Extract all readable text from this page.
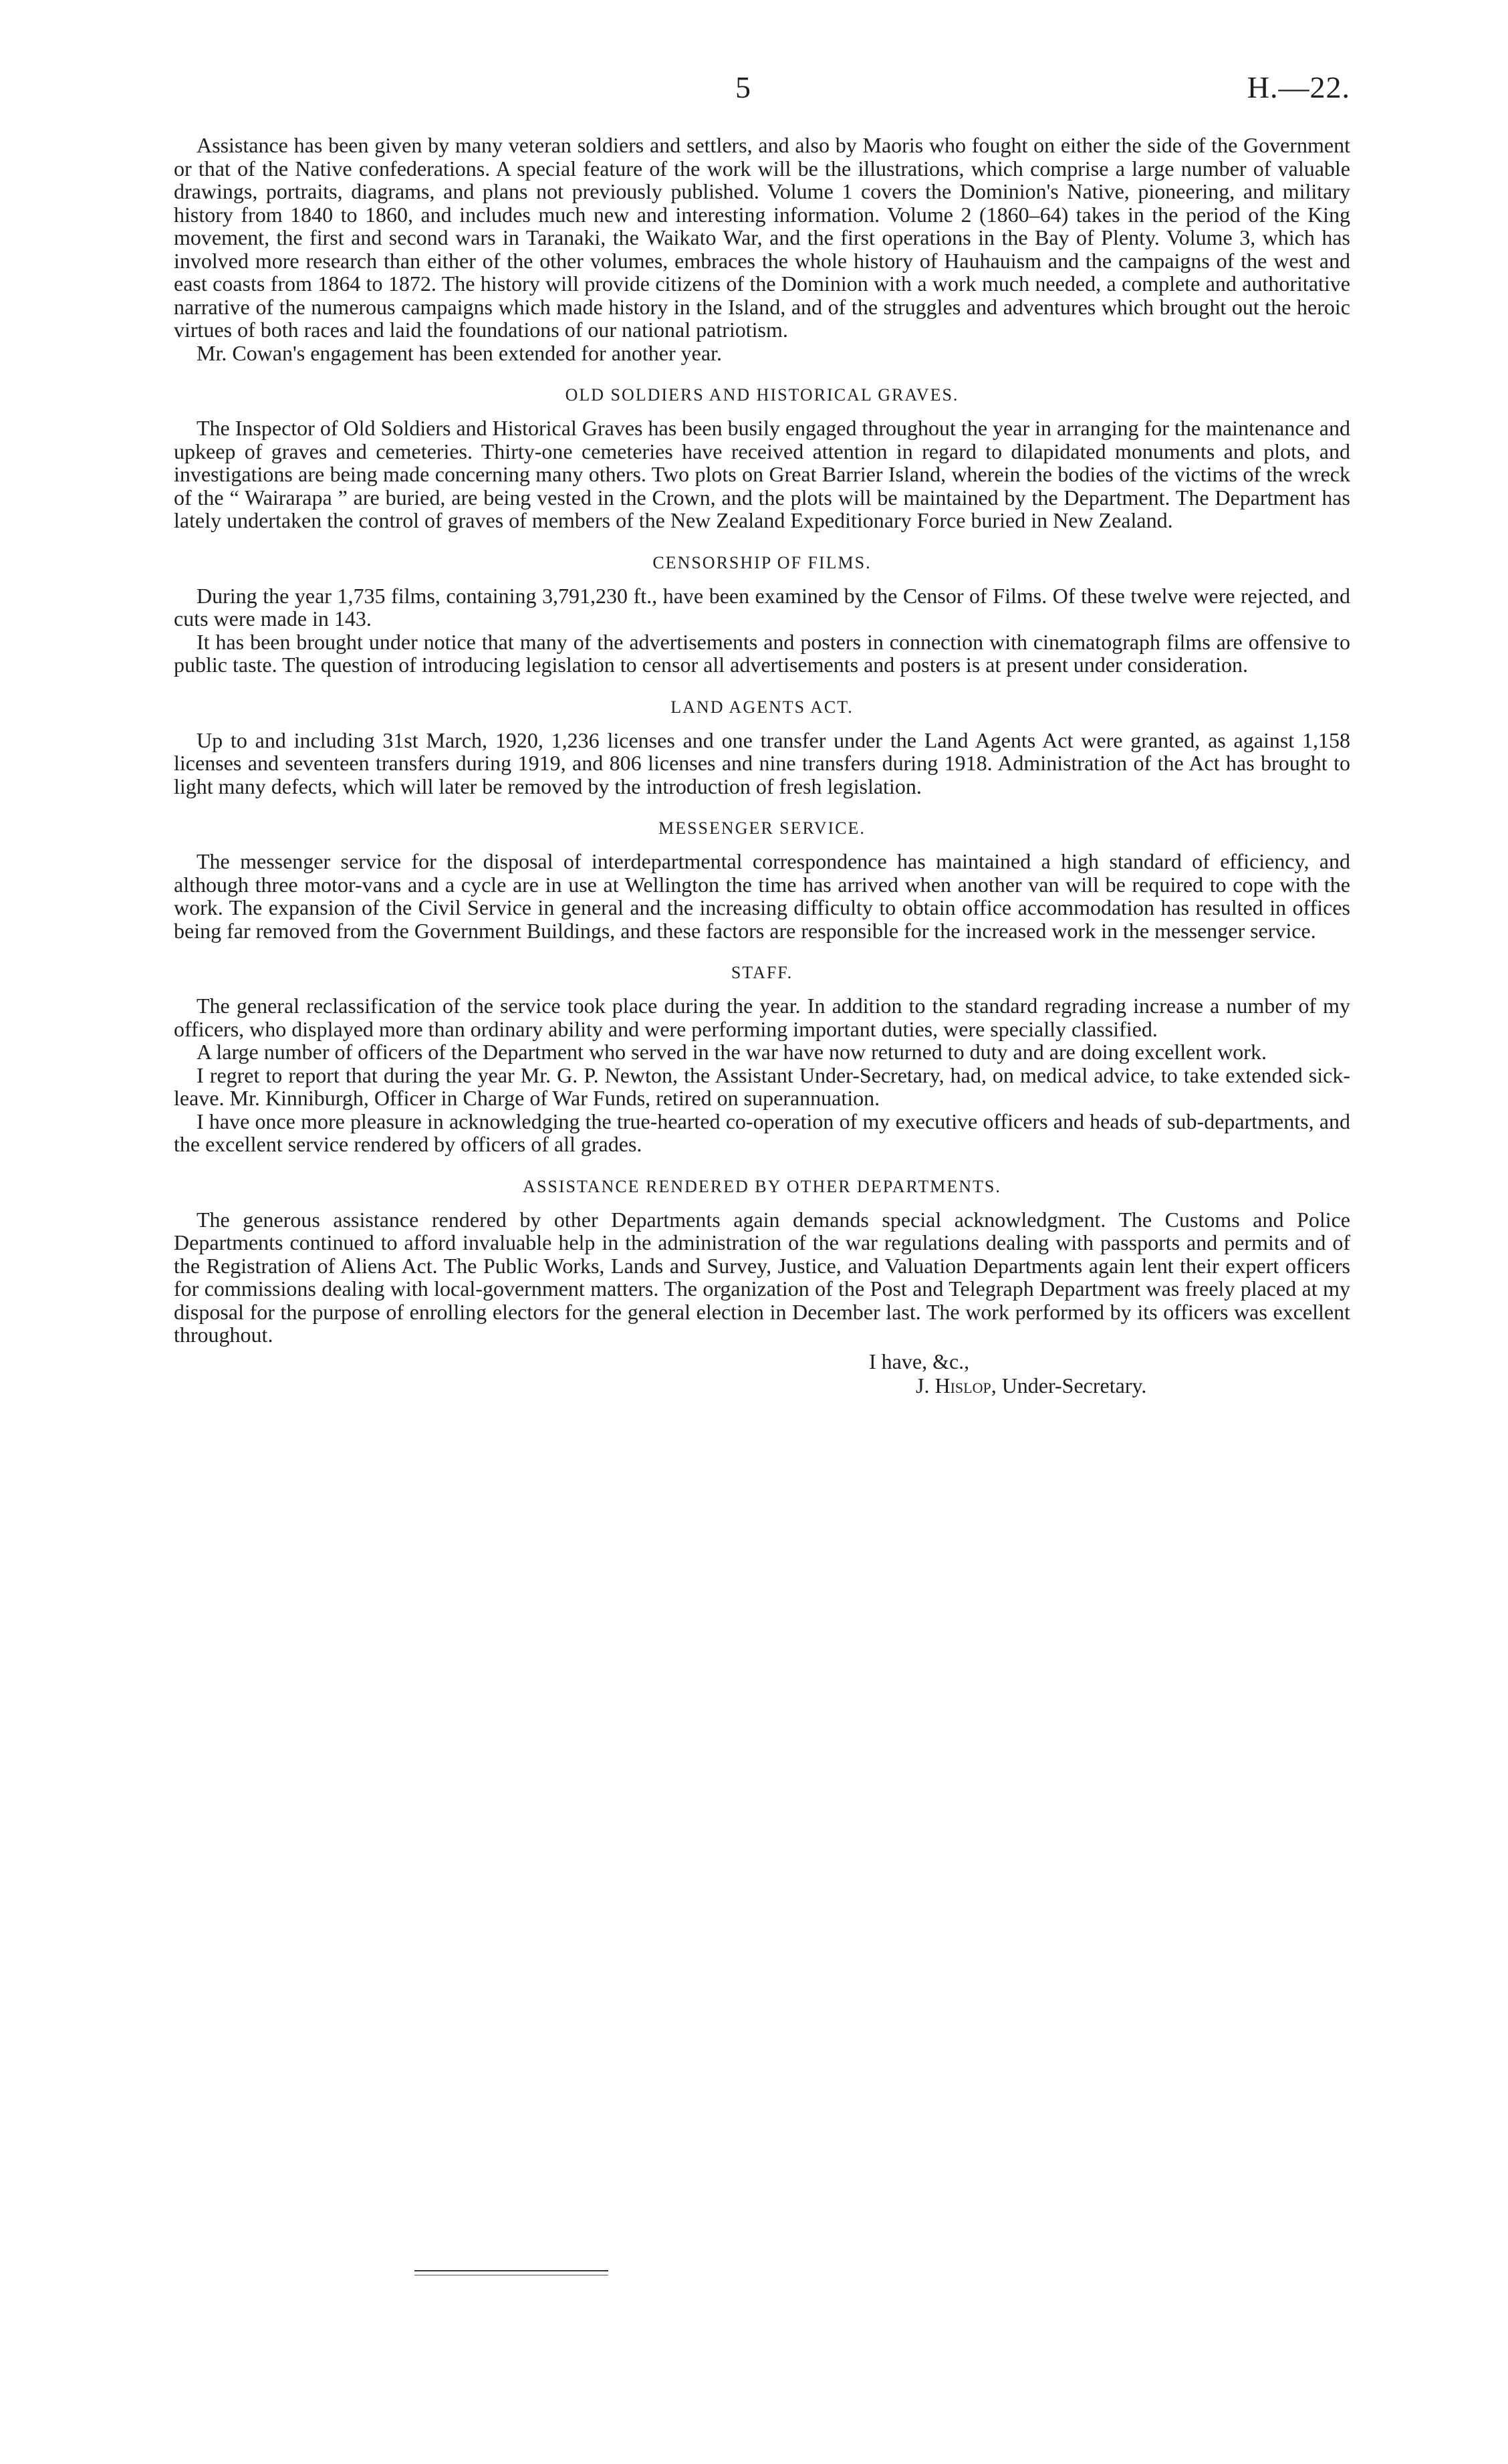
5	H.—22.

Assistance has been given by many veteran soldiers and settlers, and also by Maoris who fought on either the side of the Government or that of the Native confederations. A special feature of the work will be the illustrations, which comprise a large number of valuable drawings, portraits, diagrams, and plans not previously published. Volume 1 covers the Dominion's Native, pioneering, and military history from 1840 to 1860, and includes much new and interesting information. Volume 2 (1860–64) takes in the period of the King movement, the first and second wars in Taranaki, the Waikato War, and the first operations in the Bay of Plenty. Volume 3, which has involved more research than either of the other volumes, embraces the whole history of Hauhauism and the campaigns of the west and east coasts from 1864 to 1872. The history will provide citizens of the Dominion with a work much needed, a complete and authoritative narrative of the numerous campaigns which made history in the Island, and of the struggles and adventures which brought out the heroic virtues of both races and laid the foundations of our national patriotism.

Mr. Cowan's engagement has been extended for another year.

OLD SOLDIERS AND HISTORICAL GRAVES.

The Inspector of Old Soldiers and Historical Graves has been busily engaged throughout the year in arranging for the maintenance and upkeep of graves and cemeteries. Thirty-one cemeteries have received attention in regard to dilapidated monuments and plots, and investigations are being made concerning many others. Two plots on Great Barrier Island, wherein the bodies of the victims of the wreck of the “ Wairarapa ” are buried, are being vested in the Crown, and the plots will be maintained by the Department. The Department has lately undertaken the control of graves of members of the New Zealand Expeditionary Force buried in New Zealand.

CENSORSHIP OF FILMS.

During the year 1,735 films, containing 3,791,230 ft., have been examined by the Censor of Films. Of these twelve were rejected, and cuts were made in 143.

It has been brought under notice that many of the advertisements and posters in connection with cinematograph films are offensive to public taste. The question of introducing legislation to censor all advertisements and posters is at present under consideration.

LAND AGENTS ACT.

Up to and including 31st March, 1920, 1,236 licenses and one transfer under the Land Agents Act were granted, as against 1,158 licenses and seventeen transfers during 1919, and 806 licenses and nine transfers during 1918. Administration of the Act has brought to light many defects, which will later be removed by the introduction of fresh legislation.

MESSENGER SERVICE.

The messenger service for the disposal of interdepartmental correspondence has maintained a high standard of efficiency, and although three motor-vans and a cycle are in use at Wellington the time has arrived when another van will be required to cope with the work. The expansion of the Civil Service in general and the increasing difficulty to obtain office accommodation has resulted in offices being far removed from the Government Buildings, and these factors are responsible for the increased work in the messenger service.

STAFF.

The general reclassification of the service took place during the year. In addition to the standard regrading increase a number of my officers, who displayed more than ordinary ability and were performing important duties, were specially classified.

A large number of officers of the Department who served in the war have now returned to duty and are doing excellent work.

I regret to report that during the year Mr. G. P. Newton, the Assistant Under-Secretary, had, on medical advice, to take extended sick-leave. Mr. Kinniburgh, Officer in Charge of War Funds, retired on superannuation.

I have once more pleasure in acknowledging the true-hearted co-operation of my executive officers and heads of sub-departments, and the excellent service rendered by officers of all grades.

ASSISTANCE RENDERED BY OTHER DEPARTMENTS.

The generous assistance rendered by other Departments again demands special acknowledgment. The Customs and Police Departments continued to afford invaluable help in the administration of the war regulations dealing with passports and permits and of the Registration of Aliens Act. The Public Works, Lands and Survey, Justice, and Valuation Departments again lent their expert officers for commissions dealing with local-government matters. The organization of the Post and Telegraph Department was freely placed at my disposal for the purpose of enrolling electors for the general election in December last. The work performed by its officers was excellent throughout.

I have, &c.,
J. Hislop, Under-Secretary.
